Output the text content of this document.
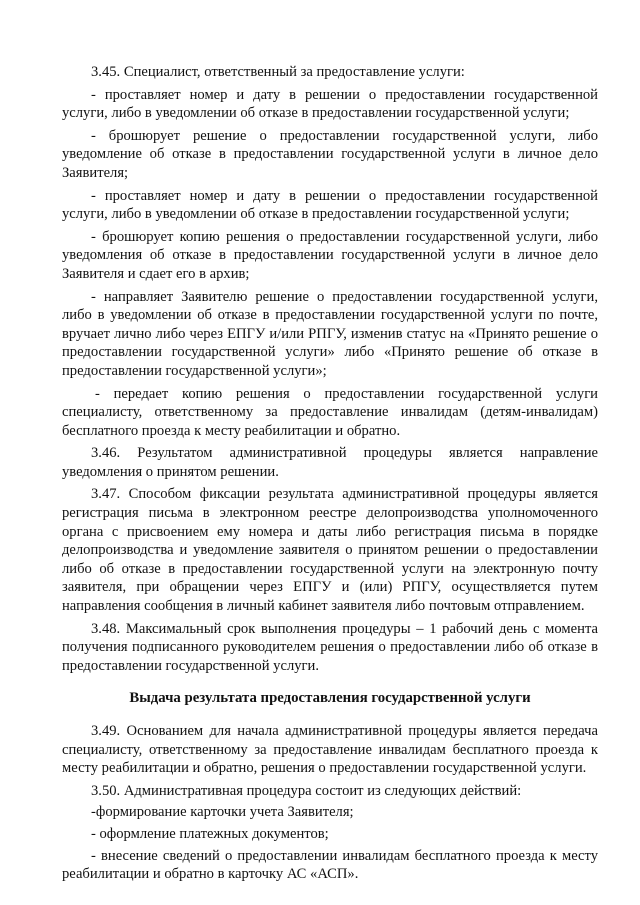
3.45. Специалист, ответственный за предоставление услуги:

- проставляет номер и дату в решении о предоставлении государственной услуги, либо в уведомлении об отказе в предоставлении государственной услуги;

- брошюрует решение о предоставлении государственной услуги, либо уведомление об отказе в предоставлении государственной услуги в личное дело Заявителя;

- проставляет номер и дату в решении о предоставлении государственной услуги, либо в уведомлении об отказе в предоставлении государственной услуги;

- брошюрует копию решения о предоставлении государственной услуги, либо уведомления об отказе в предоставлении государственной услуги в личное дело Заявителя и сдает его в архив;

- направляет Заявителю решение о предоставлении государственной услуги, либо в уведомлении об отказе в предоставлении государственной услуги по почте, вручает лично либо через ЕПГУ и/или РПГУ, изменив статус на «Принято решение о предоставлении государственной услуги» либо «Принято решение об отказе в предоставлении государственной услуги»;

- передает копию решения о предоставлении государственной услуги специалисту, ответственному за предоставление инвалидам (детям-инвалидам) бесплатного проезда к месту реабилитации и обратно.

3.46. Результатом административной процедуры является направление уведомления о принятом решении.

3.47. Способом фиксации результата административной процедуры является регистрация письма в электронном реестре делопроизводства уполномоченного органа с присвоением ему номера и даты либо регистрация письма в порядке делопроизводства и уведомление заявителя о принятом решении о предоставлении либо об отказе в предоставлении государственной услуги на электронную почту заявителя, при обращении через ЕПГУ и (или) РПГУ, осуществляется путем направления сообщения в личный кабинет заявителя либо почтовым отправлением.

3.48. Максимальный срок выполнения процедуры – 1 рабочий день с момента получения подписанного руководителем решения о предоставлении либо об отказе в предоставлении государственной услуги.

Выдача результата предоставления государственной услуги

3.49. Основанием для начала административной процедуры является передача специалисту, ответственному за предоставление инвалидам бесплатного проезда к месту реабилитации и обратно, решения о предоставлении государственной услуги.

3.50. Административная процедура состоит из следующих действий:

-формирование карточки учета Заявителя;

- оформление платежных документов;

- внесение сведений о предоставлении инвалидам бесплатного проезда к месту реабилитации и обратно в карточку АС «АСП».
